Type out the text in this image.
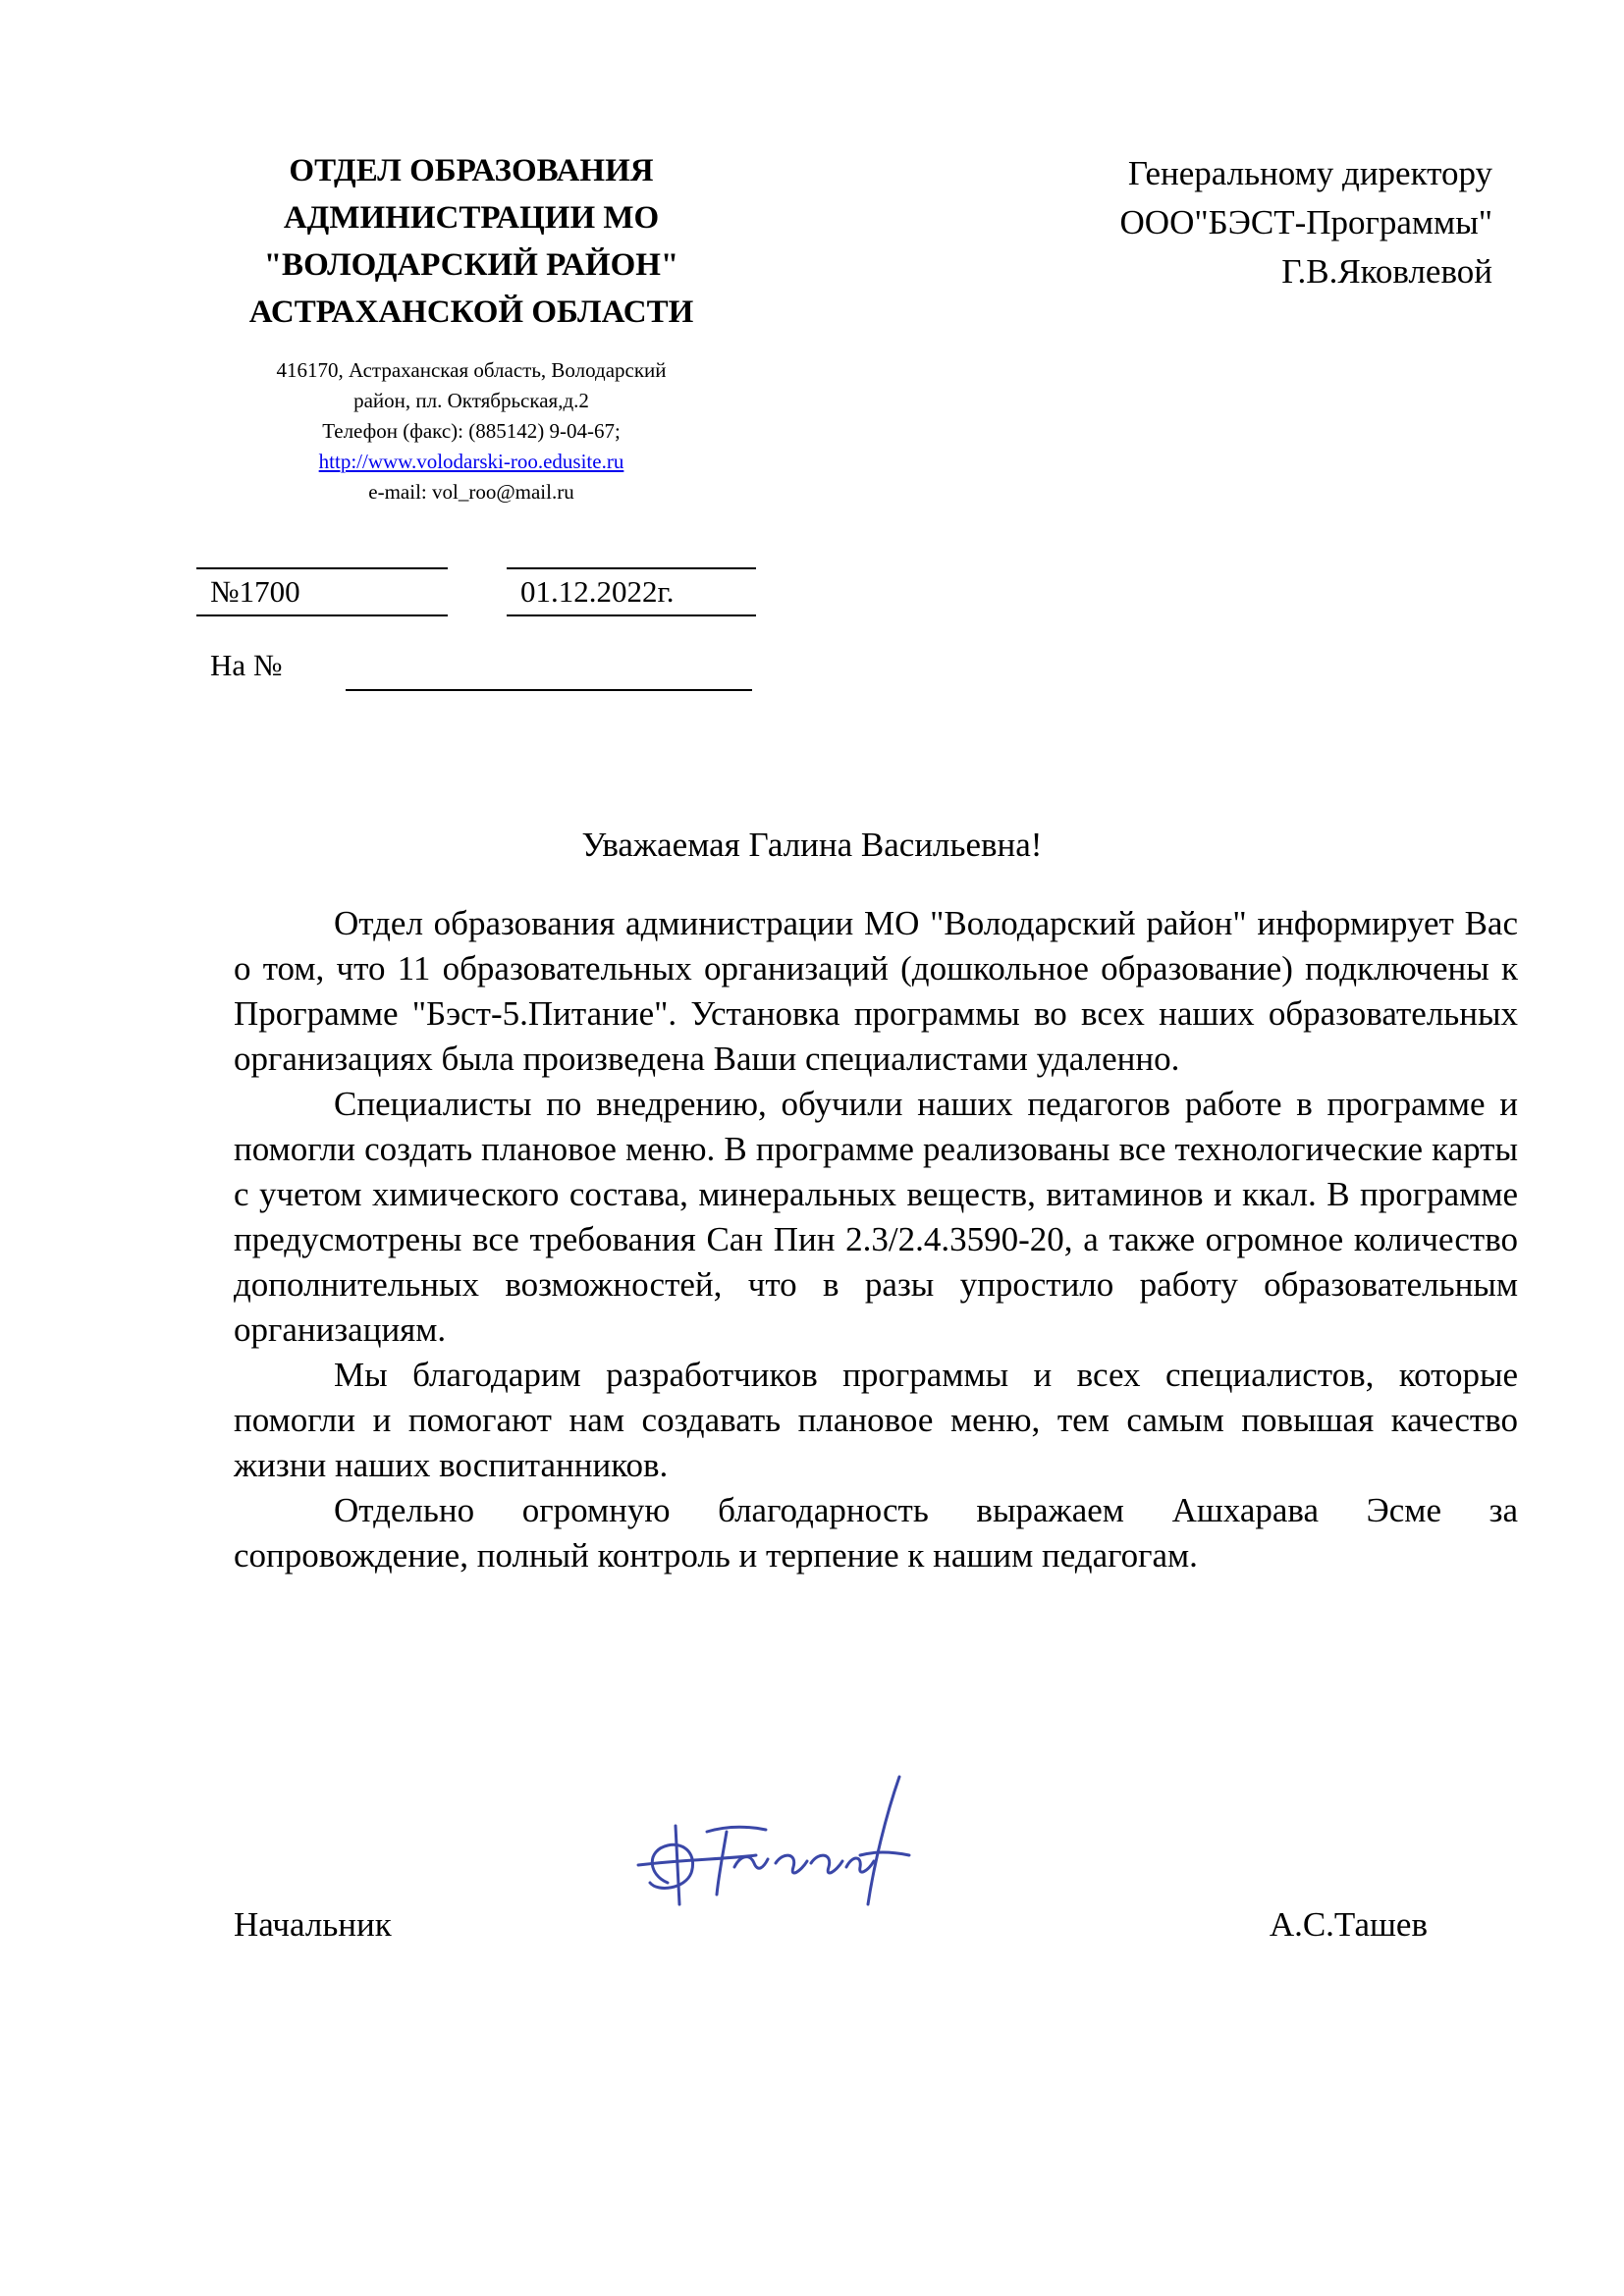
ОТДЕЛ ОБРАЗОВАНИЯ

АДМИНИСТРАЦИИ МО

"ВОЛОДАРСКИЙ РАЙОН"

АСТРАХАНСКОЙ ОБЛАСТИ

416170, Астраханская область, Володарский
район, пл. Октябрьская,д.2
Телефон (факс): (885142) 9-04-67;
http://www.volodarski-roo.edusite.ru
e-mail: vol_roo@mail.ru
Генеральному директору
ООО"БЭСТ-Программы"
Г.В.Яковлевой
№1700	01.12.2022г.
На №
Уважаемая Галина Васильевна!

Отдел образования администрации МО "Володарский район" информирует Вас о том, что 11 образовательных организаций (дошкольное образование) подключены к Программе "Бэст-5.Питание". Установка программы во всех наших образовательных организациях была произведена Ваши специалистами удаленно.

Специалисты по внедрению, обучили наших педагогов работе в программе и помогли создать плановое меню. В программе реализованы все технологические карты с учетом химического состава, минеральных веществ, витаминов и ккал. В программе предусмотрены все требования Сан Пин 2.3/2.4.3590-20, а также огромное количество дополнительных возможностей, что в разы упростило работу образовательным организациям.

Мы благодарим разработчиков программы и всех специалистов, которые помогли и помогают нам создавать плановое меню, тем самым повышая качество жизни наших воспитанников.

Отдельно огромную благодарность выражаем Ашхарава Эсме за сопровождение, полный контроль и терпение к нашим педагогам.

Начальник	А.С.Ташев
